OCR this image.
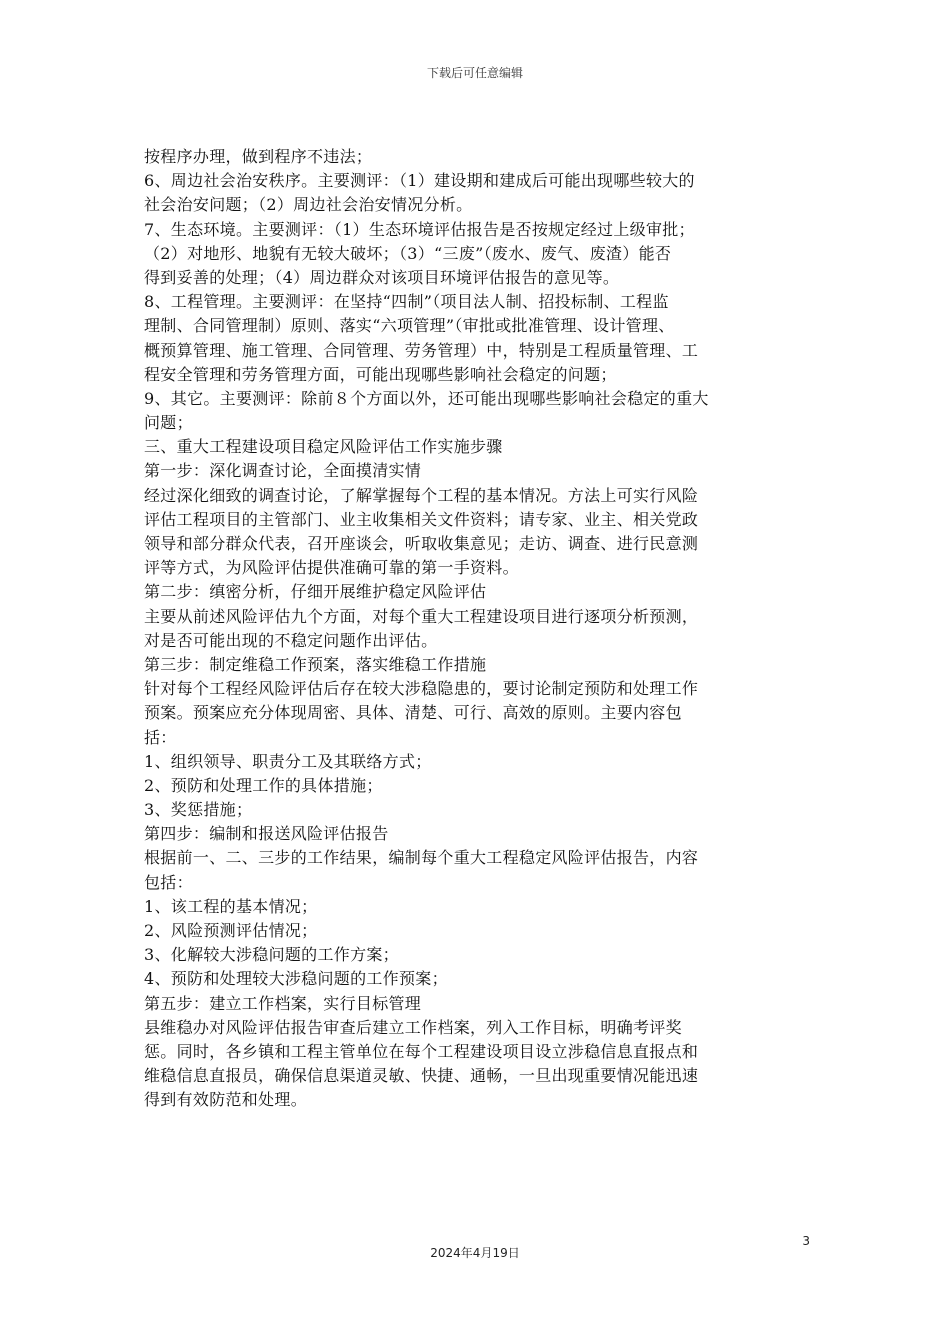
下载后可任意编辑
按程序办理，做到程序不违法；
6、周边社会治安秩序。主要测评：（1）建设期和建成后可能出现哪些较大的
社会治安问题；（2）周边社会治安情况分析。
7、生态环境。主要测评：（1）生态环境评估报告是否按规定经过上级审批；
（2）对地形、地貌有无较大破坏；（3）“三废”（废水、废气、废渣）能否
得到妥善的处理；（4）周边群众对该项目环境评估报告的意见等。
8、工程管理。主要测评：在坚持“四制”（项目法人制、招投标制、工程监
理制、合同管理制）原则、落实“六项管理”（审批或批准管理、设计管理、
概预算管理、施工管理、合同管理、劳务管理）中，特别是工程质量管理、工
程安全管理和劳务管理方面，可能出现哪些影响社会稳定的问题；
9、其它。主要测评：除前８个方面以外，还可能出现哪些影响社会稳定的重大
问题；
三、重大工程建设项目稳定风险评估工作实施步骤
第一步：深化调查讨论，全面摸清实情
经过深化细致的调查讨论，了解掌握每个工程的基本情况。方法上可实行风险
评估工程项目的主管部门、业主收集相关文件资料；请专家、业主、相关党政
领导和部分群众代表，召开座谈会，听取收集意见；走访、调查、进行民意测
评等方式，为风险评估提供准确可靠的第一手资料。
第二步：缜密分析，仔细开展维护稳定风险评估
主要从前述风险评估九个方面，对每个重大工程建设项目进行逐项分析预测，
对是否可能出现的不稳定问题作出评估。
第三步：制定维稳工作预案，落实维稳工作措施
针对每个工程经风险评估后存在较大涉稳隐患的，要讨论制定预防和处理工作
预案。预案应充分体现周密、具体、清楚、可行、高效的原则。主要内容包
括：
1、组织领导、职责分工及其联络方式；
2、预防和处理工作的具体措施；
3、奖惩措施；
第四步：编制和报送风险评估报告
根据前一、二、三步的工作结果，编制每个重大工程稳定风险评估报告，内容
包括：
1、该工程的基本情况；
2、风险预测评估情况；
3、化解较大涉稳问题的工作方案；
4、预防和处理较大涉稳问题的工作预案；
第五步：建立工作档案，实行目标管理
县维稳办对风险评估报告审查后建立工作档案，列入工作目标，明确考评奖
惩。同时，各乡镇和工程主管单位在每个工程建设项目设立涉稳信息直报点和
维稳信息直报员，确保信息渠道灵敏、快捷、通畅，一旦出现重要情况能迅速
得到有效防范和处理。
3
2024年4月19日
